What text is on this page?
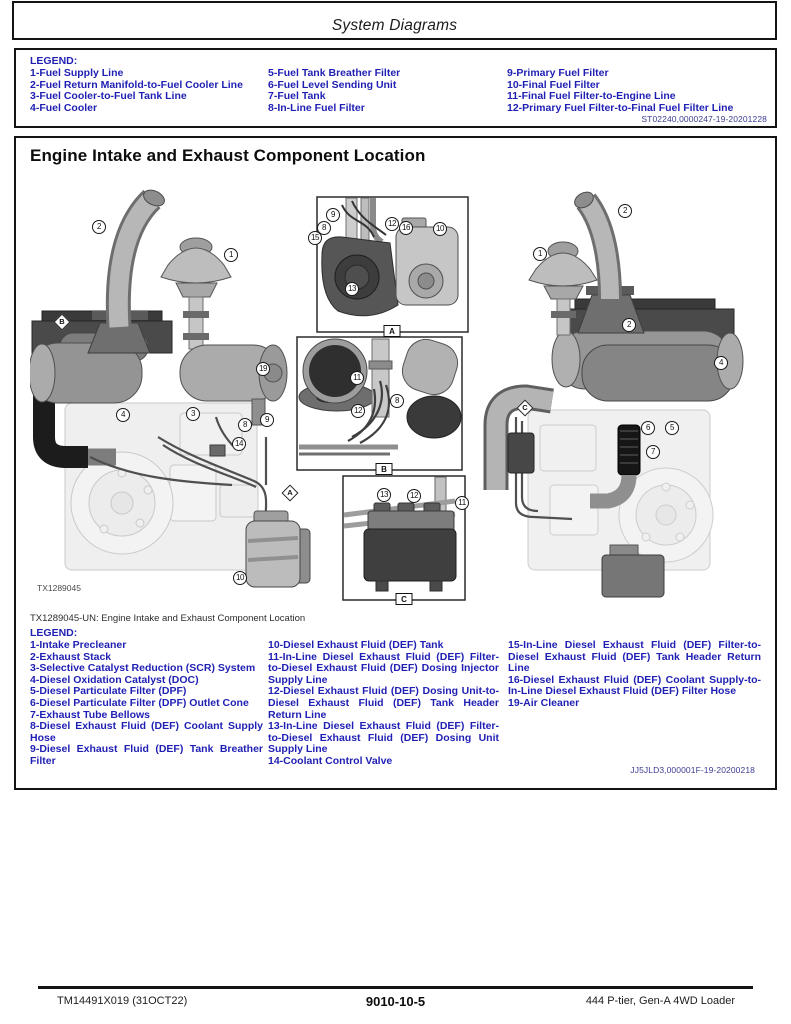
System Diagrams
LEGEND:
1-Fuel Supply Line
2-Fuel Return Manifold-to-Fuel Cooler Line
3-Fuel Cooler-to-Fuel Tank Line
4-Fuel Cooler
5-Fuel Tank Breather Filter
6-Fuel Level Sending Unit
7-Fuel Tank
8-In-Line Fuel Filter
9-Primary Fuel Filter
10-Final Fuel Filter
11-Final Fuel Filter-to-Engine Line
12-Primary Fuel Filter-to-Final Fuel Filter Line
ST02240,0000247-19-20201228
Engine Intake and Exhaust Component Location
2
1
19
4	3
8
9
14
10
9
8
15
12 16	10
13
11
12
8
13	12
11
2
1
2
4
6	5
7
B
A
C
A
B
C
TX1289045
TX1289045-UN: Engine Intake and Exhaust Component Location
LEGEND:
1-Intake Precleaner
2-Exhaust Stack
3-Selective Catalyst Reduction (SCR) System
4-Diesel Oxidation Catalyst (DOC)
5-Diesel Particulate Filter (DPF)
6-Diesel Particulate Filter (DPF) Outlet Cone
7-Exhaust Tube Bellows
8-Diesel Exhaust Fluid (DEF) Coolant Supply Hose
9-Diesel Exhaust Fluid (DEF) Tank Breather Filter
10-Diesel Exhaust Fluid (DEF) Tank
11-In-Line Diesel Exhaust Fluid (DEF) Filter-to-Diesel Exhaust Fluid (DEF) Dosing Injector Supply Line
12-Diesel Exhaust Fluid (DEF) Dosing Unit-to-Diesel Exhaust Fluid (DEF) Tank Header Return Line
13-In-Line Diesel Exhaust Fluid (DEF) Filter-to-Diesel Exhaust Fluid (DEF) Dosing Unit Supply Line
14-Coolant Control Valve
15-In-Line Diesel Exhaust Fluid (DEF) Filter-to-Diesel Exhaust Fluid (DEF) Tank Header Return Line
16-Diesel Exhaust Fluid (DEF) Coolant Supply-to-In-Line Diesel Exhaust Fluid (DEF) Filter Hose
19-Air Cleaner
JJ5JLD3,000001F-19-20200218
TM14491X019 (31OCT22)	9010-10-5	444 P-tier, Gen-A 4WD Loader
